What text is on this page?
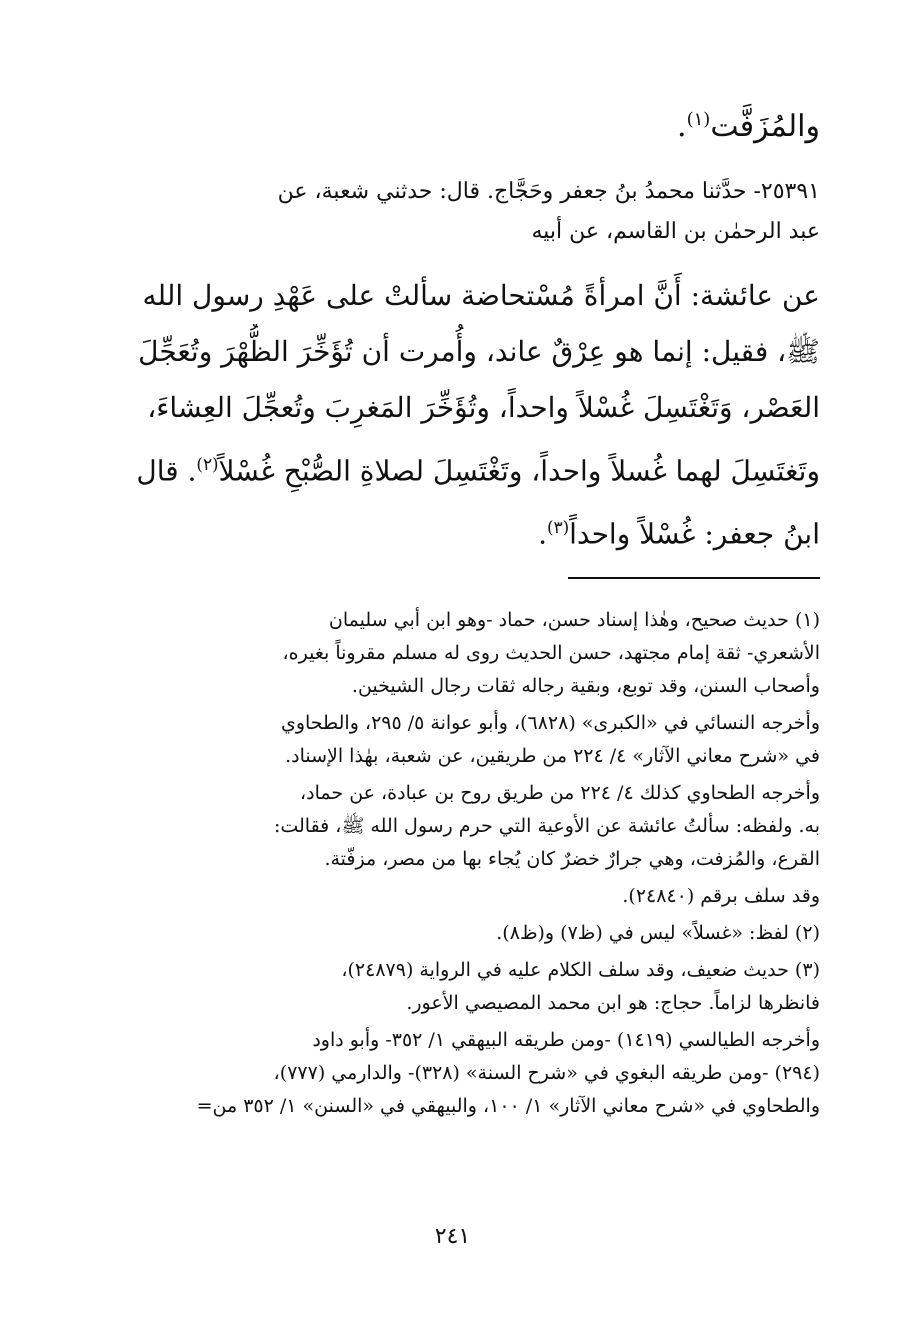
والمُزَفَّت$^{(١)}$.
٢٥٣٩١- حدَّثنا محمدُ بنُ جعفر وحَجَّاج. قال: حدثني شعبة، عن
عبد الرحمٰن بن القاسم، عن أبيه
عن عائشة: أَنَّ امرأةً مُسْتحاضة سألتْ على عَهْدِ رسول الله
ﷺ، فقيل: إنما هو عِرْقٌ عاند، وأُمرت أن تُؤَخِّرَ الظُّهْرَ وتُعَجِّلَ
العَصْر، وَتَغْتَسِلَ غُسْلاً واحداً، وتُؤَخِّرَ المَغرِبَ وتُعجِّلَ العِشاءَ،
وتَغتَسِلَ لهما غُسلاً واحداً، وتَغْتَسِلَ لصلاةِ الصُّبْحِ غُسْلاً$^{(٢)}$. قال
ابنُ جعفر: غُسْلاً واحداً$^{(٣)}$.
(١) حديث صحيح، وهٰذا إسناد حسن، حماد -وهو ابن أبي سليمان
الأشعري- ثقة إمام مجتهد، حسن الحديث روى له مسلم مقروناً بغيره،
وأصحاب السنن، وقد توبع، وبقية رجاله ثقات رجال الشيخين.
وأخرجه النسائي في «الكبرى» (٦٨٢٨)، وأبو عوانة ٥/ ٢٩٥، والطحاوي
في «شرح معاني الآثار» ٤/ ٢٢٤ من طريقين، عن شعبة، بهٰذا الإسناد.
وأخرجه الطحاوي كذلك ٤/ ٢٢٤ من طريق روح بن عبادة، عن حماد،
به. ولفظه: سألتُ عائشة عن الأوعية التي حرم رسول الله ﷺ، فقالت:
القرع، والمُزفت، وهي جرارٌ خضرٌ كان يُجاء بها من مصر، مزفّتة.
وقد سلف برقم (٢٤٨٤٠).
(٢) لفظ: «غسلاً» ليس في (ظ٧) و(ظ٨).
(٣) حديث ضعيف، وقد سلف الكلام عليه في الرواية (٢٤٨٧٩)،
فانظرها لزاماً. حجاج: هو ابن محمد المصيصي الأعور.
وأخرجه الطيالسي (١٤١٩) -ومن طريقه البيهقي ١/ ٣٥٢- وأبو داود
(٢٩٤) -ومن طريقه البغوي في «شرح السنة» (٣٢٨)- والدارمي (٧٧٧)،
والطحاوي في «شرح معاني الآثار» ١/ ١٠٠، والبيهقي في «السنن» ١/ ٣٥٢ من=
٢٤١
